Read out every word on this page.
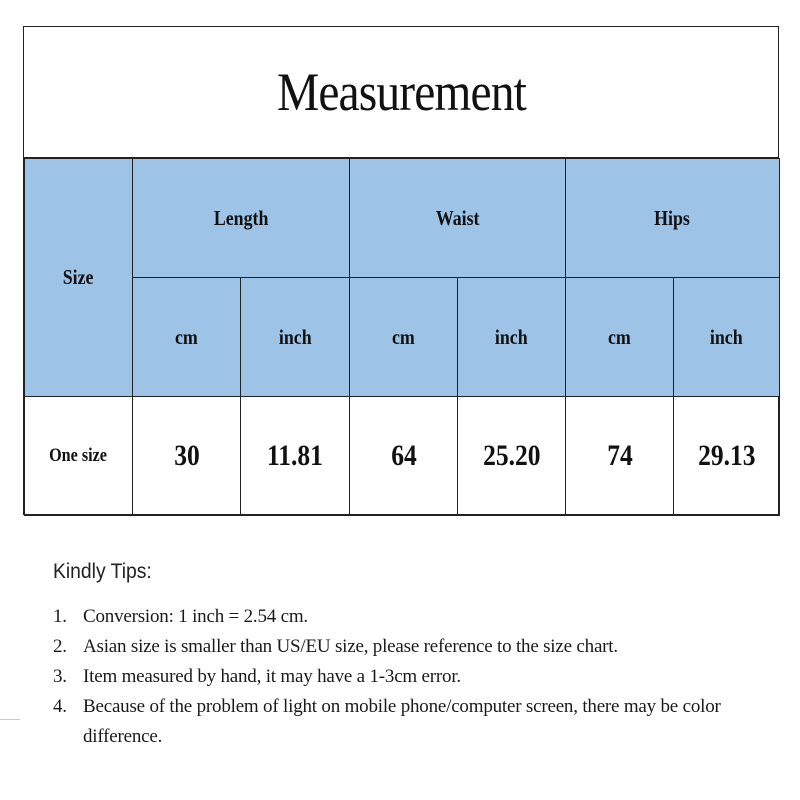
Measurement
Size	Length		Waist		Hips	
	cm	inch	cm	inch	cm	inch
One size	30	11.81	64	25.20	74	29.13
Kindly Tips:
1. Conversion: 1 inch = 2.54 cm.
2. Asian size is smaller than US/EU size, please reference to the size chart.
3. Item measured by hand, it may have a 1-3cm error.
4. Because of the problem of light on mobile phone/computer screen, there may be color difference.
